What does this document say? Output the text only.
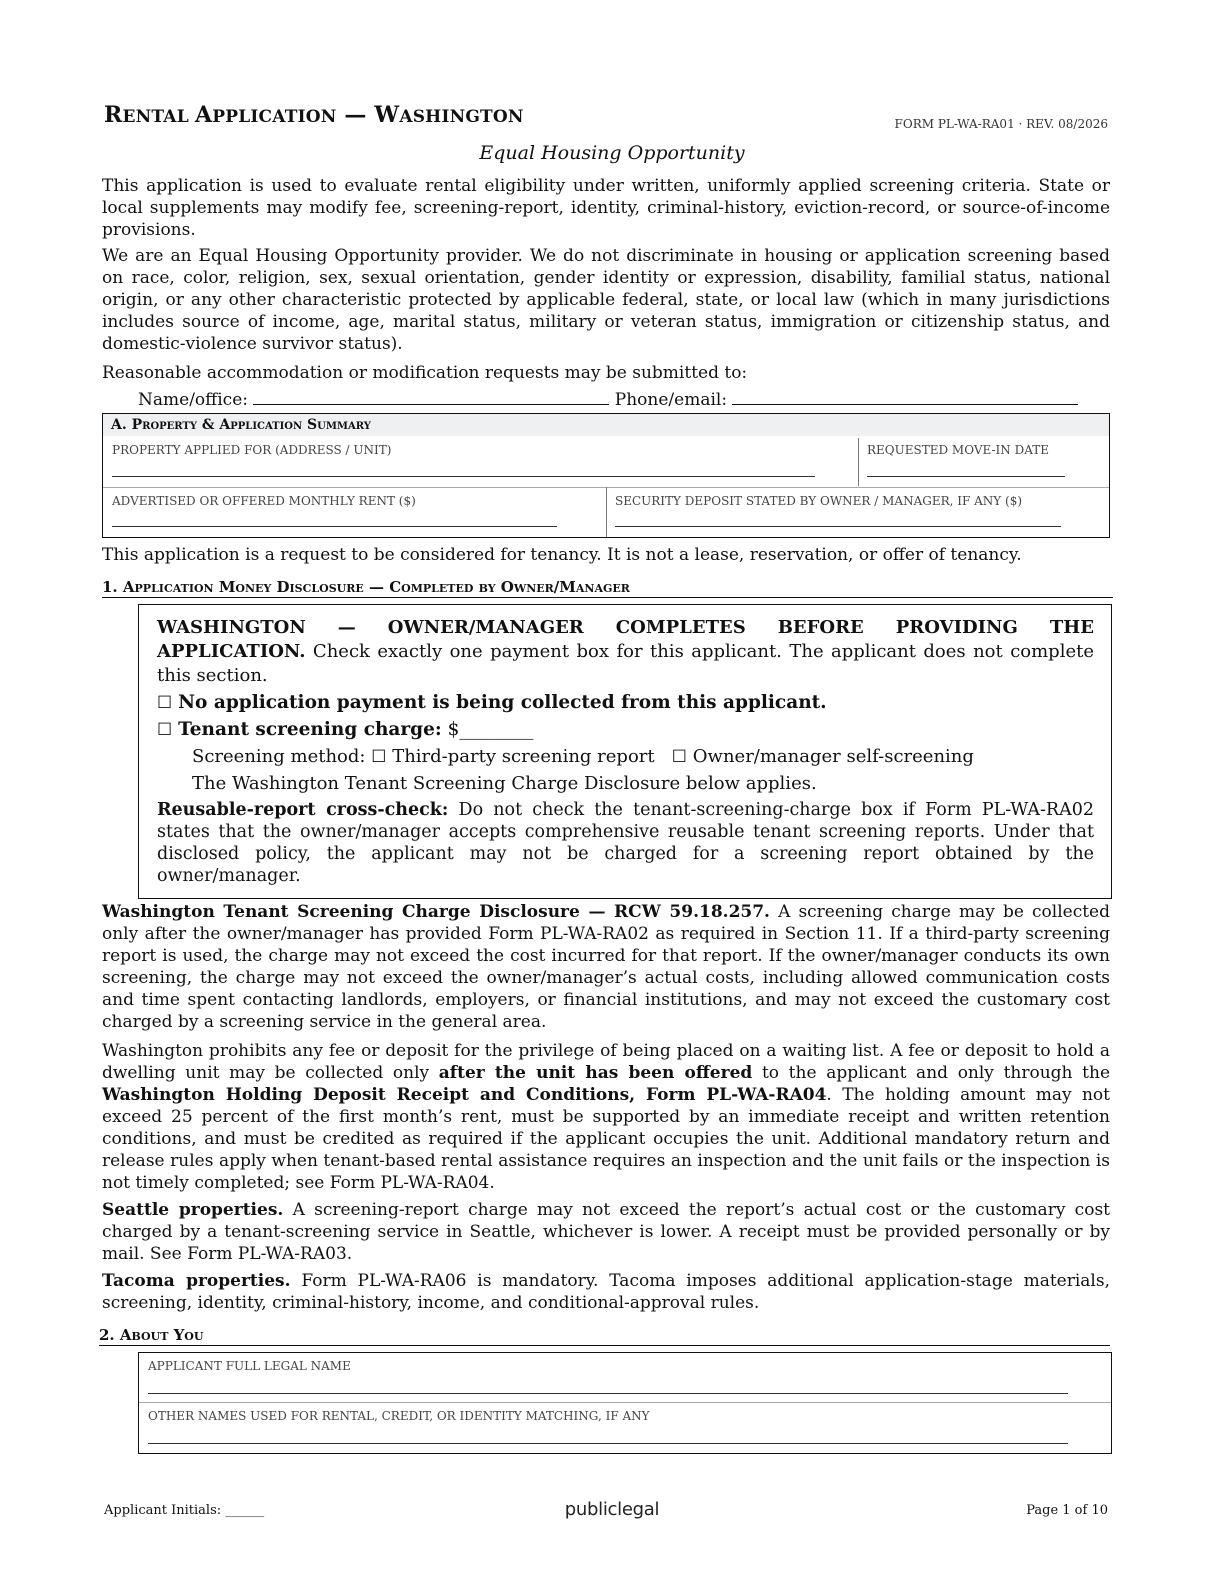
RENTAL APPLICATION — WASHINGTON	FORM PL-WA-RA01 · REV. 08/2026
Equal Housing Opportunity
This application is used to evaluate rental eligibility under written, uniformly applied screening criteria. State or local supplements may modify fee, screening-report, identity, criminal-history, eviction-record, or source-of-income provisions.
We are an Equal Housing Opportunity provider. We do not discriminate in housing or application screening based on race, color, religion, sex, sexual orientation, gender identity or expression, disability, familial status, national origin, or any other characteristic protected by applicable federal, state, or local law (which in many jurisdictions includes source of income, age, marital status, military or veteran status, immigration or citizenship status, and domestic-violence survivor status).
Reasonable accommodation or modification requests may be submitted to:
Name/office:	Phone/email:
A. Property & Application Summary
PROPERTY APPLIED FOR (ADDRESS / UNIT)	REQUESTED MOVE-IN DATE
ADVERTISED OR OFFERED MONTHLY RENT ($)	SECURITY DEPOSIT STATED BY OWNER / MANAGER, IF ANY ($)
This application is a request to be considered for tenancy. It is not a lease, reservation, or offer of tenancy.
1. Application Money Disclosure — Completed by Owner/Manager
WASHINGTON — OWNER/MANAGER COMPLETES BEFORE PROVIDING THE APPLICATION. Check exactly one payment box for this applicant. The applicant does not complete this section.
☐ No application payment is being collected from this applicant.
☐ Tenant screening charge: $________
Screening method: ☐ Third-party screening report ☐ Owner/manager self-screening
The Washington Tenant Screening Charge Disclosure below applies.
Reusable-report cross-check: Do not check the tenant-screening-charge box if Form PL-WA-RA02 states that the owner/manager accepts comprehensive reusable tenant screening reports. Under that disclosed policy, the applicant may not be charged for a screening report obtained by the owner/manager.
Washington Tenant Screening Charge Disclosure — RCW 59.18.257. A screening charge may be collected only after the owner/manager has provided Form PL-WA-RA02 as required in Section 11. If a third-party screening report is used, the charge may not exceed the cost incurred for that report. If the owner/manager conducts its own screening, the charge may not exceed the owner/manager’s actual costs, including allowed communication costs and time spent contacting landlords, employers, or financial institutions, and may not exceed the customary cost charged by a screening service in the general area.
Washington prohibits any fee or deposit for the privilege of being placed on a waiting list. A fee or deposit to hold a dwelling unit may be collected only after the unit has been offered to the applicant and only through the Washington Holding Deposit Receipt and Conditions, Form PL-WA-RA04. The holding amount may not exceed 25 percent of the first month’s rent, must be supported by an immediate receipt and written retention conditions, and must be credited as required if the applicant occupies the unit. Additional mandatory return and release rules apply when tenant-based rental assistance requires an inspection and the unit fails or the inspection is not timely completed; see Form PL-WA-RA04.
Seattle properties. A screening-report charge may not exceed the report’s actual cost or the customary cost charged by a tenant-screening service in Seattle, whichever is lower. A receipt must be provided personally or by mail. See Form PL-WA-RA03.
Tacoma properties. Form PL-WA-RA06 is mandatory. Tacoma imposes additional application-stage materials, screening, identity, criminal-history, income, and conditional-approval rules.
2. About You
APPLICANT FULL LEGAL NAME
OTHER NAMES USED FOR RENTAL, CREDIT, OR IDENTITY MATCHING, IF ANY
Applicant Initials: ______	publiclegal	Page 1 of 10
